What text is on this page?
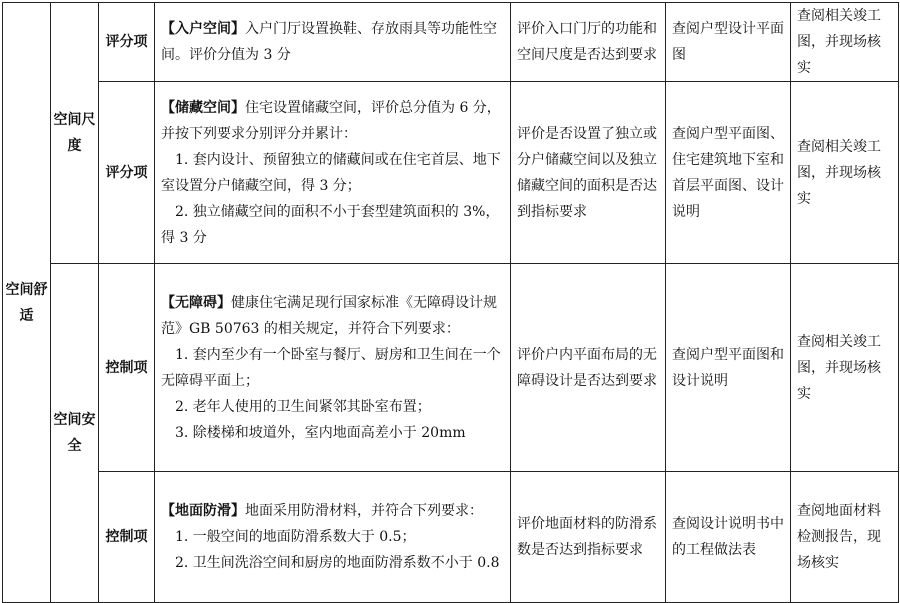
空间舒适	空间尺度	评分项	【入户空间】入户门厅设置换鞋、存放雨具等功能性空间。评价分值为 3 分	评价入口门厅的功能和空间尺度是否达到要求	查阅户型设计平面图	查阅相关竣工图，并现场核实
		评分项	【储藏空间】住宅设置储藏空间，评价总分值为 6 分，并按下列要求分别评分并累计：

1. 套内设计、预留独立的储藏间或在住宅首层、地下室设置分户储藏空间，得 3 分；

2. 独立储藏空间的面积不小于套型建筑面积的 3%，得 3 分	评价是否设置了独立或分户储藏空间以及独立储藏空间的面积是否达到指标要求	查阅户型平面图、住宅建筑地下室和首层平面图、设计说明	查阅相关竣工图，并现场核实
	空间安全	控制项	【无障碍】健康住宅满足现行国家标准《无障碍设计规范》GB 50763 的相关规定，并符合下列要求：

1. 套内至少有一个卧室与餐厅、厨房和卫生间在一个无障碍平面上；

2. 老年人使用的卫生间紧邻其卧室布置；

3. 除楼梯和坡道外，室内地面高差小于 20mm	评价户内平面布局的无障碍设计是否达到要求	查阅户型平面图和设计说明	查阅相关竣工图，并现场核实
		控制项	【地面防滑】地面采用防滑材料，并符合下列要求：

1. 一般空间的地面防滑系数大于 0.5；

2. 卫生间洗浴空间和厨房的地面防滑系数不小于 0.8	评价地面材料的防滑系数是否达到指标要求	查阅设计说明书中的工程做法表	查阅地面材料检测报告，现场核实
